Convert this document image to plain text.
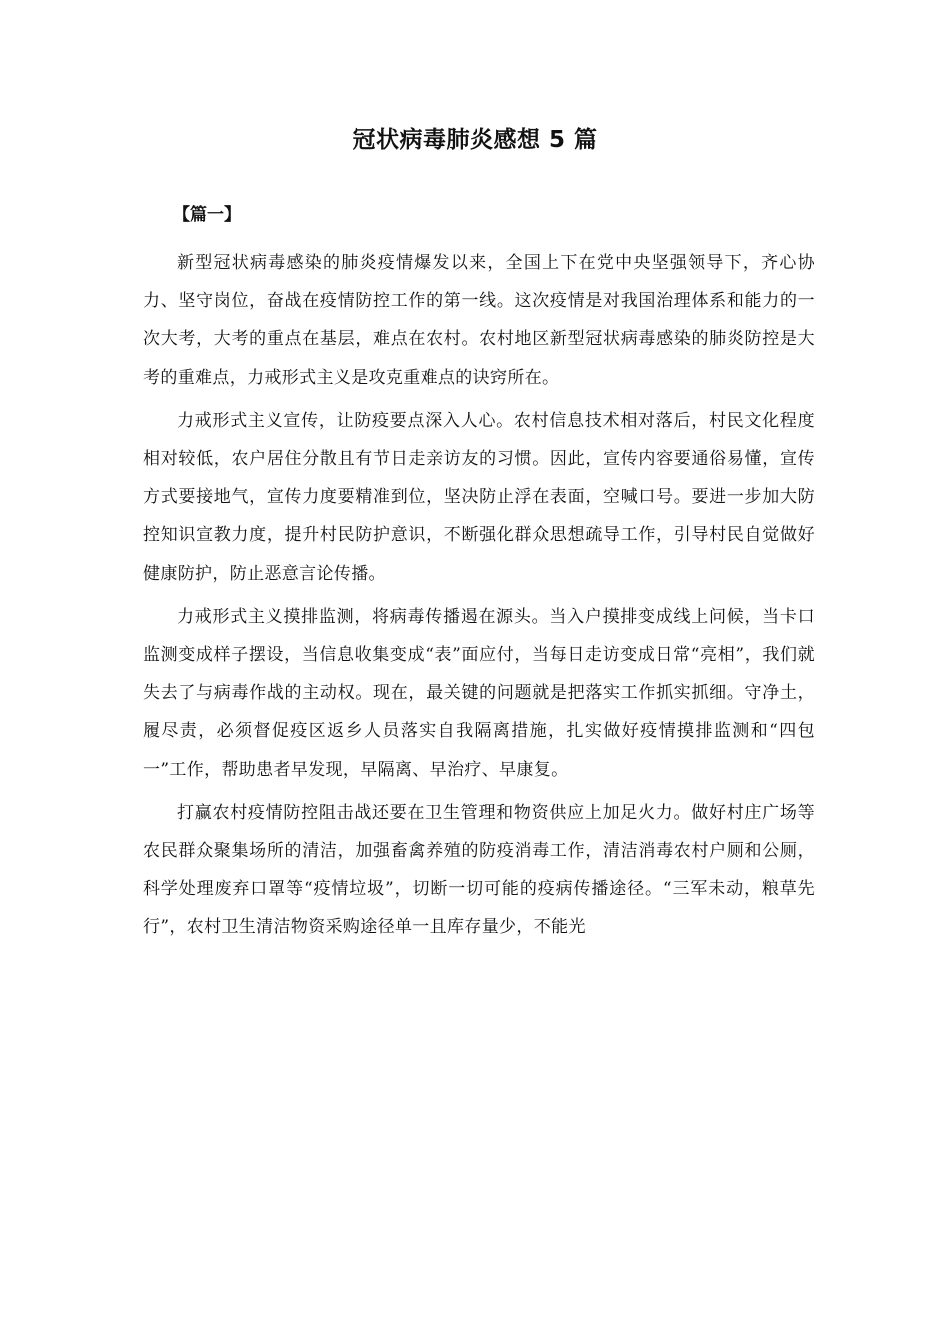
冠状病毒肺炎感想 5 篇
【篇一】

新型冠状病毒感染的肺炎疫情爆发以来，全国上下在党中央坚强领导下，齐心协力、坚守岗位，奋战在疫情防控工作的第一线。这次疫情是对我国治理体系和能力的一次大考，大考的重点在基层，难点在农村。农村地区新型冠状病毒感染的肺炎防控是大考的重难点，力戒形式主义是攻克重难点的诀窍所在。

力戒形式主义宣传，让防疫要点深入人心。农村信息技术相对落后，村民文化程度相对较低，农户居住分散且有节日走亲访友的习惯。因此，宣传内容要通俗易懂，宣传方式要接地气，宣传力度要精准到位，坚决防止浮在表面，空喊口号。要进一步加大防控知识宣教力度，提升村民防护意识，不断强化群众思想疏导工作，引导村民自觉做好健康防护，防止恶意言论传播。

力戒形式主义摸排监测，将病毒传播遏在源头。当入户摸排变成线上问候，当卡口监测变成样子摆设，当信息收集变成“表”面应付，当每日走访变成日常“亮相”，我们就失去了与病毒作战的主动权。现在，最关键的问题就是把落实工作抓实抓细。守净土，履尽责，必须督促疫区返乡人员落实自我隔离措施，扎实做好疫情摸排监测和“四包一”工作，帮助患者早发现，早隔离、早治疗、早康复。

打赢农村疫情防控阻击战还要在卫生管理和物资供应上加足火力。做好村庄广场等农民群众聚集场所的清洁，加强畜禽养殖的防疫消毒工作，清洁消毒农村户厕和公厕，科学处理废弃口罩等“疫情垃圾”，切断一切可能的疫病传播途径。“三军未动，粮草先行”，农村卫生清洁物资采购途径单一且库存量少，不能光
